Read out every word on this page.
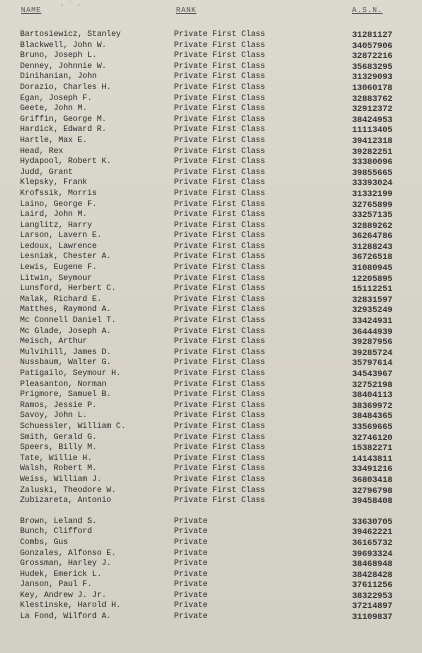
· ˙ ·
NAME	RANK	A.S.N.
Bartosiewicz, Stanley	Private First Class	31281127
Blackwell, John W.	Private First Class	34057906
Bruno, Joseph L.	Private First Class	32872216
Denney, Johnnie W.	Private First Class	35683295
Dinihanian, John	Private First Class	31329093
Dorazio, Charles H.	Private First Class	13060178
Egan, Joseph F.	Private First Class	32883762
Geete, John M.	Private First Class	32912372
Griffin, George M.	Private First Class	38424953
Hardick, Edward R.	Private First Class	11113405
Hartle, Max E.	Private First Class	39412318
Head, Rex	Private First Class	39282251
Hydapool, Robert K.	Private First Class	33380096
Judd, Grant	Private First Class	39855665
Klepsky, Frank	Private First Class	33393024
Krofssik, Morris	Private First Class	31332199
Laino, George F.	Private First Class	32765899
Laird, John M.	Private First Class	33257135
Langlitz, Harry	Private First Class	32889262
Larson, Lavern E.	Private First Class	36264786
Ledoux, Lawrence	Private First Class	31288243
Lesniak, Chester A.	Private First Class	36726518
Lewis, Eugene F.	Private First Class	31080945
Litwin, Seymour	Private First Class	12205895
Lunsford, Herbert C.	Private First Class	15112251
Malak, Richard E.	Private First Class	32831597
Matthes, Raymond A.	Private First Class	32935249
Mc Connell Daniel T.	Private First Class	33424931
Mc Glade, Joseph A.	Private First Class	36444939
Meisch, Arthur	Private First Class	39287956
Mulvihill, James D.	Private First Class	39285724
Nussbaum, Walter G.	Private First Class	35797614
Patigailo, Seymour H.	Private First Class	34543967
Pleasanton, Norman	Private First Class	32752198
Prigmore, Samuel B.	Private First Class	38404113
Ramos, Jessie P.	Private First Class	38369972
Savoy, John L.	Private First Class	38484365
Schuessler, William C.	Private First Class	33569665
Smith, Gerald G.	Private First Class	32746120
Speers, Billy M.	Private First Class	15382271
Tate, Willie H.	Private First Class	14143811
Walsh, Robert M.	Private First Class	33491216
Weiss, William J.	Private First Class	36803418
Zaluski, Theodore W.	Private First Class	32796798
Zubizareta, Antonio	Private First Class	39458408
Brown, Leland S.	Private	33630705
Bunch, Clifford	Private	39462221
Combs, Gus	Private	36165732
Gonzales, Alfonso E.	Private	39693324
Grossman, Harley J.	Private	38468948
Hudek, Emerick L.	Private	38428428
Janson, Paul F.	Private	37611256
Key, Andrew J. Jr.	Private	38322953
Klestinske, Harold H.	Private	37214897
La Fond, Wilford A.	Private	31109837
